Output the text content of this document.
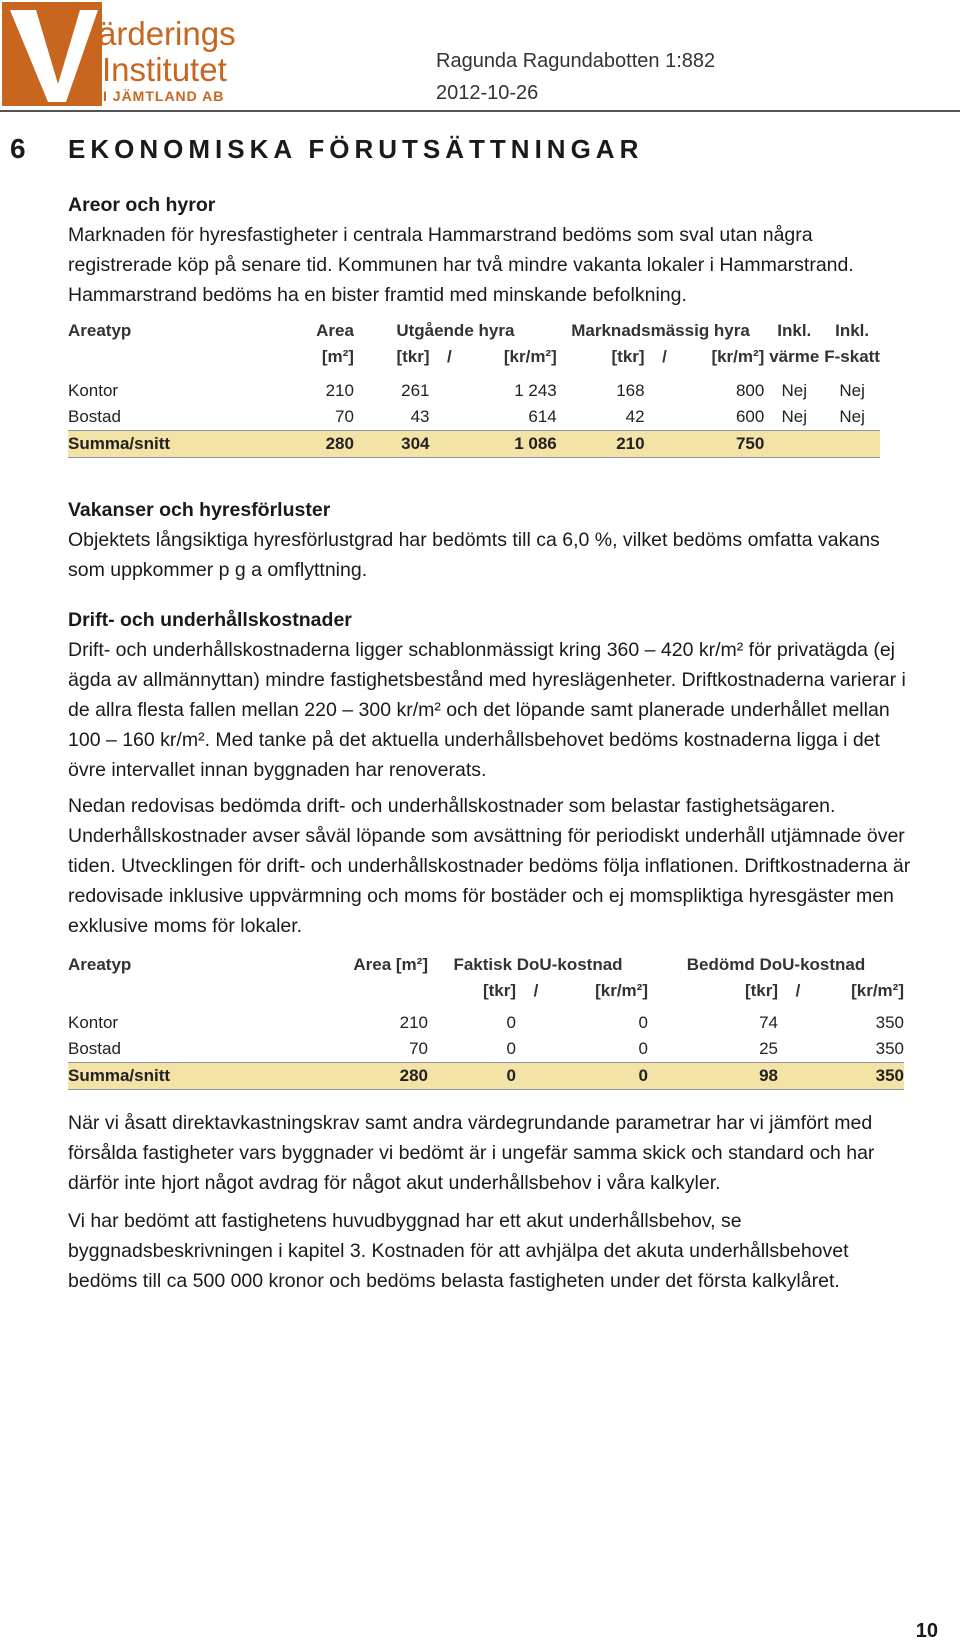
ärderings
Institutet
I JÄMTLAND AB
Ragunda Ragundabotten 1:882
2012-10-26
6 EKONOMISKA FÖRUTSÄTTNINGAR
Areor och hyror

Marknaden för hyresfastigheter i centrala Hammarstrand bedöms som sval utan några registrerade köp på senare tid. Kommunen har två mindre vakanta lokaler i Hammarstrand. Hammarstrand bedöms ha en bister framtid med minskande befolkning.

Areatyp	Area	Utgående hyra			Marknadsmässig hyra			Inkl.	Inkl.
	[m²]	[tkr]	/	[kr/m²]	[tkr]	/	[kr/m²]	värme	F-skatt

Kontor	210	261		1 243	168		800	Nej	Nej
Bostad	70	43		614	42		600	Nej	Nej
Summa/snitt	280	304		1 086	210		750		
Vakanser och hyresförluster

Objektets långsiktiga hyresförlustgrad har bedömts till ca 6,0 %, vilket bedöms omfatta vakans som uppkommer p g a omflyttning.

Drift- och underhållskostnader

Drift- och underhållskostnaderna ligger schablonmässigt kring 360 – 420 kr/m² för privatägda (ej ägda av allmännyttan) mindre fastighetsbestånd med hyreslägenheter. Driftkostnaderna varierar i de allra flesta fallen mellan 220 – 300 kr/m² och det löpande samt planerade underhållet mellan 100 – 160 kr/m². Med tanke på det aktuella underhållsbehovet bedöms kostnaderna ligga i det övre intervallet innan byggnaden har renoverats.

Nedan redovisas bedömda drift- och underhållskostnader som belastar fastighetsägaren. Underhållskostnader avser såväl löpande som avsättning för periodiskt underhåll utjämnade över tiden. Utvecklingen för drift- och underhållskostnader bedöms följa inflationen. Driftkostnaderna är redovisade inklusive uppvärmning och moms för bostäder och ej momspliktiga hyresgäster men exklusive moms för lokaler.

Areatyp	Area [m²]	Faktisk DoU-kostnad			Bedömd DoU-kostnad		
		[tkr]	/	[kr/m²]	[tkr]	/	[kr/m²]

Kontor	210	0		0	74		350
Bostad	70	0		0	25		350
Summa/snitt	280	0		0	98		350

När vi åsatt direktavkastningskrav samt andra värdegrundande parametrar har vi jämfört med försålda fastigheter vars byggnader vi bedömt är i ungefär samma skick och standard och har därför inte hjort något avdrag för något akut underhållsbehov i våra kalkyler.

Vi har bedömt att fastighetens huvudbyggnad har ett akut underhållsbehov, se byggnadsbeskrivningen i kapitel 3. Kostnaden för att avhjälpa det akuta underhållsbehovet bedöms till ca 500 000 kronor och bedöms belasta fastigheten under det första kalkylåret.

10
